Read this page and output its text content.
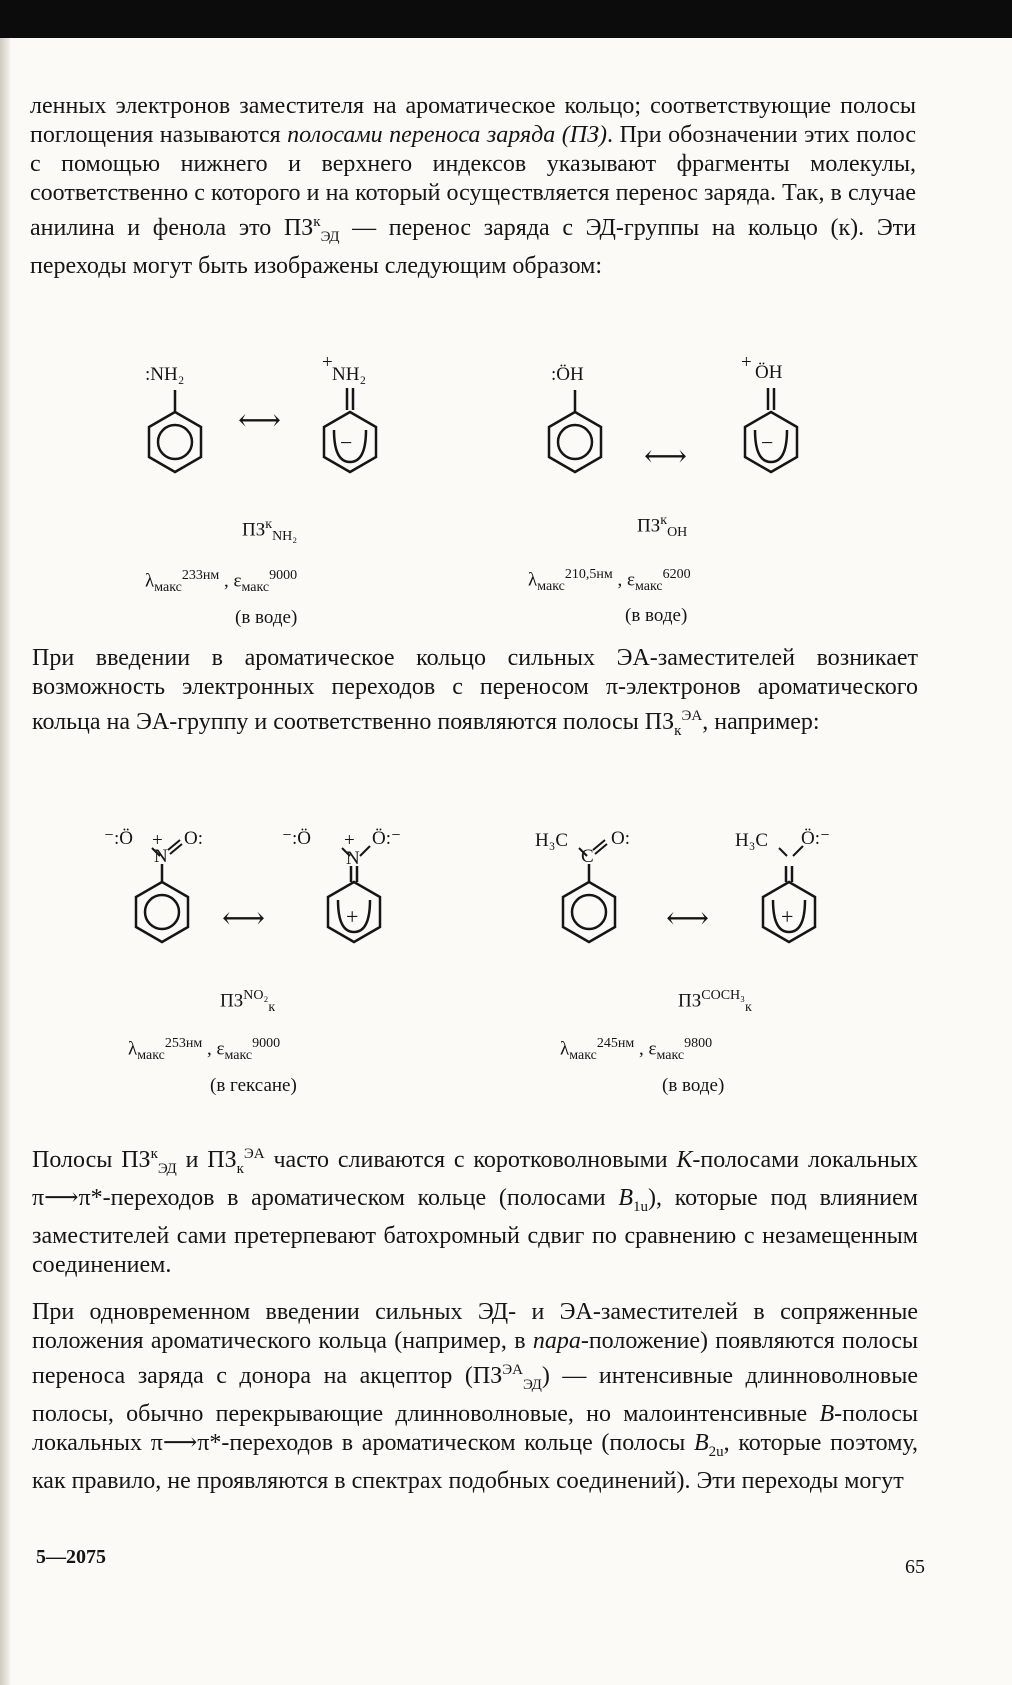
ленных электронов заместителя на ароматическое кольцо; соответствующие полосы поглощения называются полосами переноса заряда (ПЗ). При обозначении этих полос с помощью нижнего и верхнего индексов указывают фрагменты молекулы, соответственно с которого и на который осуществляется перенос заряда. Так, в случае анилина и фенола это $ПЗ^к_{ЭД}$ — перенос заряда с ЭД-группы на кольцо (к). Эти переходы могут быть изображены следующим образом:

:NH₂
⟷
+
NH₂
−
$ПЗ^к_{NH_2}$
$\lambda_{макс}^{233нм}$ , $\varepsilon_{макс}^{9000}$
(в воде)
:ÖH
⟷
+ ÖH
−
$ПЗ^к_{ОН}$
$\lambda_{макс}^{210,5нм}$ , $\varepsilon_{макс}^{6200}$
(в воде)

При введении в ароматическое кольцо сильных ЭА-заместителей возникает возможность электронных переходов с переносом π-электронов ароматического кольца на ЭА-группу и соответственно появляются полосы $ПЗ_к^{ЭА}$, например:

⁻:Ö +
N
O:
⟷
⁻:Ö +
N
Ö:⁻
+
$ПЗ^{NO_2}_к$
$\lambda_{макс}^{253нм}$ , $\varepsilon_{макс}^{9000}$
(в гексане)
H₃C
C
O:
⟷
H₃C Ö:⁻
+
$ПЗ^{COCH_3}_к$
$\lambda_{макс}^{245нм}$ , $\varepsilon_{макс}^{9800}$
(в воде)

Полосы $ПЗ^к_{ЭД}$ и $ПЗ_к^{ЭА}$ часто сливаются с коротковолновыми К-полосами локальных π⟶π*-переходов в ароматическом кольце (полосами $B_{1u}$), которые под влиянием заместителей сами претерпевают батохромный сдвиг по сравнению с незамещенным соединением.

При одновременном введении сильных ЭД- и ЭА-заместителей в сопряженные положения ароматического кольца (например, в пара-положение) появляются полосы переноса заряда с донора на акцептор $(ПЗ^{ЭА}_{ЭД})$ — интенсивные длинноволновые полосы, обычно перекрывающие длинноволновые, но малоинтенсивные B-полосы локальных π⟶π*-переходов в ароматическом кольце (полосы $B_{2u}$, которые поэтому, как правило, не проявляются в спектрах подобных соединений). Эти переходы могут

5—2075	65
